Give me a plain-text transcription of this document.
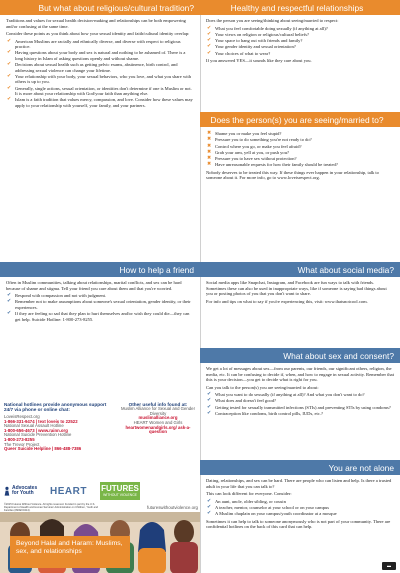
But what about religious/cultural tradition?

Traditions and values for sexual health decision-making and relationships can be both empowering and/or confusing at the same time.

Consider these points as you think about how your sexual identity and faith/cultural identity overlap:

✔ American Muslims are racially and ethnically diverse, and diverse with respect to religious practice.
✔ Having questions about your body and sex is natural and nothing to be ashamed of. There is a long history in Islam of asking questions openly and without shame.
✔ Decisions about sexual health such as getting pelvic exams, abstinence, birth control, and addressing sexual violence can change your lifetime.
✔ Your relationship with your body, your sexual behaviors, who you love, and what you share with others is up to you.
✔ Generally, single actions, sexual orientation, or identities don't determine if one is Muslim or not. It is more about your relationship with God/your faith than anything else.
✔ Islam is a faith tradition that values mercy, compassion, and love. Consider how these values may apply to your relationship with yourself, your family, and your partners.
Healthy and respectful relationships

Does the person you are seeing/thinking about seeing/married to respect:

✔ What you feel comfortable doing sexually (if anything at all)?
✔ Your views on religion or religious/cultural beliefs?
✔ Your space to hang out with friends and family?
✔ Your gender identity and sexual orientation?
✔ Your choices of what to wear?

If you answered YES—it sounds like they care about you.

Does the person(s) you are seeing/married to?
✖ Shame you or make you feel stupid?
✖ Pressure you to do something you're not ready to do?
✖ Control where you go, or make you feel afraid?
✖ Grab your arm, yell at you, or push you?
✖ Pressure you to have sex without protection?
✖ Have unreasonable requests for how their family should be treated?

Nobody deserves to be treated this way. If these things ever happen in your relationship, talk to someone about it. For more info, go to www.loveisrespect.org.

How to help a friend

Often in Muslim communities, talking about relationships, marital conflicts, and sex can be hard because of shame and stigma. Tell your friend you care about them and that you're worried.

✔ Respond with compassion and not with judgment.
✔ Remember not to make assumptions about someone's sexual orientation, gender identity, or their experiences.
✔ If they are feeling so sad that they plan to hurt themselves and/or wish they could die—they can get help. Suicide Hotline: 1-800-273-8255.
What about social media?

Social media apps like Snapchat, Instagram, and Facebook are fun ways to talk with friends. Sometimes these can also be used in inappropriate ways, like if someone is saying bad things about you or posting photos of you that you don't want to share.

For info and tips on what to say if you're experiencing this, visit: www.thatsnotcool.com.

National hotlines provide anonymous support 24/7 via phone or online chat:
LoveisRespect.org
1-866-331-9474 | text loveis to 22522
National Sexual Assault Hotline
1-800-656-4673 | www.rainn.org
National Suicide Prevention Hotline
1-800-273-8255
The Trevor Project
Queer Suicide Helpline | 866-488-7386
Other useful info found at:
Muslim Alliance for Sexual and Gender Diversity
muslimalliance.org
HEART Women and Girls
heartwomenandgirls.org/ ask-a-question
Advocates for Youth	HEART	FUTURES
WITHOUT VIOLENCE
©2015 Futures Without Violence. All rights reserved. Funded in part by the U.S. Department of Health and Human Services' Administration on Children, Youth and Families (#90EV0414).
futureswithoutviolence.org
Beyond Halal and Haram: Muslims, sex, and relationships
What about sex and consent?

We get a lot of messages about sex—from our parents, our friends, our significant others, religion, the media, etc. It can be confusing to decide if, when, and how to engage in sexual activity. Remember that this is your decision—you get to decide what is right for you.

Can you talk to the person(s) you are seeing/married to about:

✔ What you want to do sexually (if anything at all)? And what you don't want to do?
✔ What does and doesn't feel good?
✔ Getting tested for sexually transmitted infections (STIs) and preventing STIs by using condoms?
✔ Contraception like condoms, birth control pills, IUDs, etc.?
You are not alone

Dating, relationships, and sex can be hard. There are people who can listen and help. Is there a trusted adult in your life that you can talk to?

This can look different for everyone. Consider:

✔ An aunt, uncle, older sibling, or cousin
✔ A teacher, mentor, counselor at your school or on your campus
✔ A Muslim chaplain on your campus/youth coordinator at a mosque

Sometimes it can help to talk to someone anonymously who is not part of your community. There are confidential hotlines on the back of this card that can help.

▬
